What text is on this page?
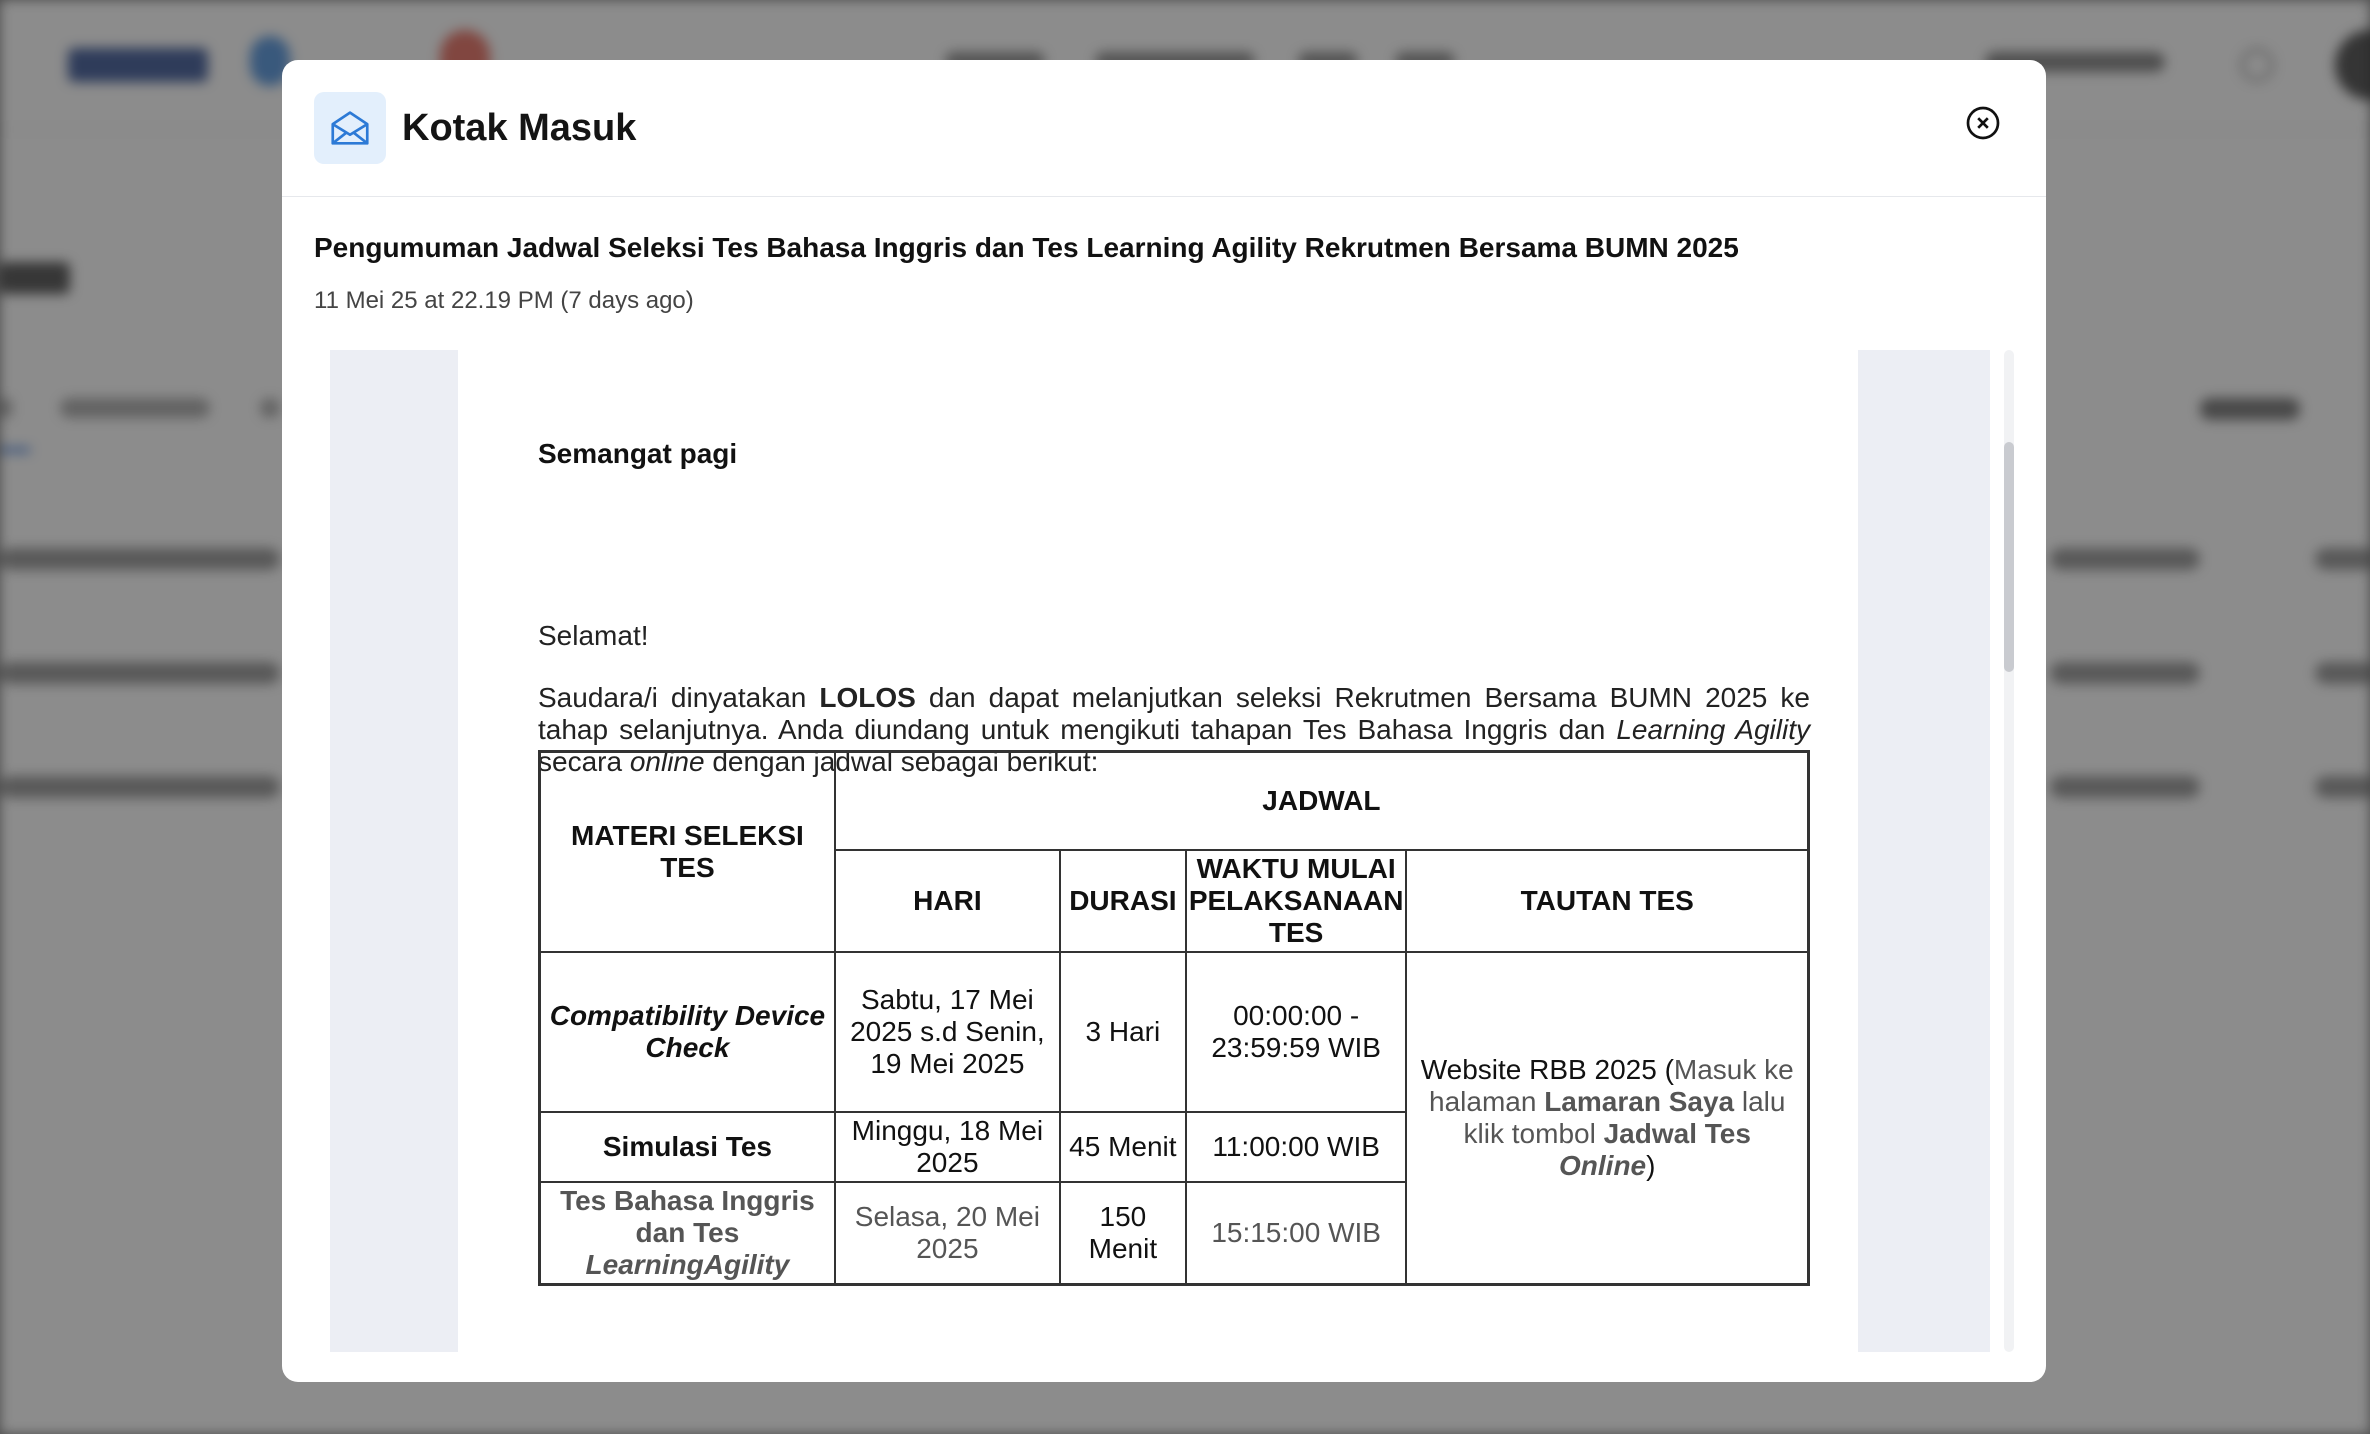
Kotak Masuk
Pengumuman Jadwal Seleksi Tes Bahasa Inggris dan Tes Learning Agility Rekrutmen Bersama BUMN 2025
11 Mei 25 at 22.19 PM (7 days ago)
Semangat pagi
Selamat!
Saudara/i dinyatakan LOLOS dan dapat melanjutkan seleksi Rekrutmen Bersama BUMN 2025 ke tahap selanjutnya. Anda diundang untuk mengikuti tahapan Tes Bahasa Inggris dan Learning Agility secara online dengan jadwal sebagai berikut:
MATERI SELEKSI TES	JADWAL			
	HARI	DURASI	WAKTU MULAI PELAKSANAAN TES	TAUTAN TES
Compatibility Device Check	Sabtu, 17 Mei 2025 s.d Senin, 19 Mei 2025	3 Hari	00:00:00 - 23:59:59 WIB	Website RBB 2025 (Masuk ke halaman Lamaran Saya lalu klik tombol Jadwal Tes Online)
Simulasi Tes	Minggu, 18 Mei 2025	45 Menit	11:00:00 WIB	
Tes Bahasa Inggris dan Tes LearningAgility	Selasa, 20 Mei 2025	150 Menit	15:15:00 WIB	
